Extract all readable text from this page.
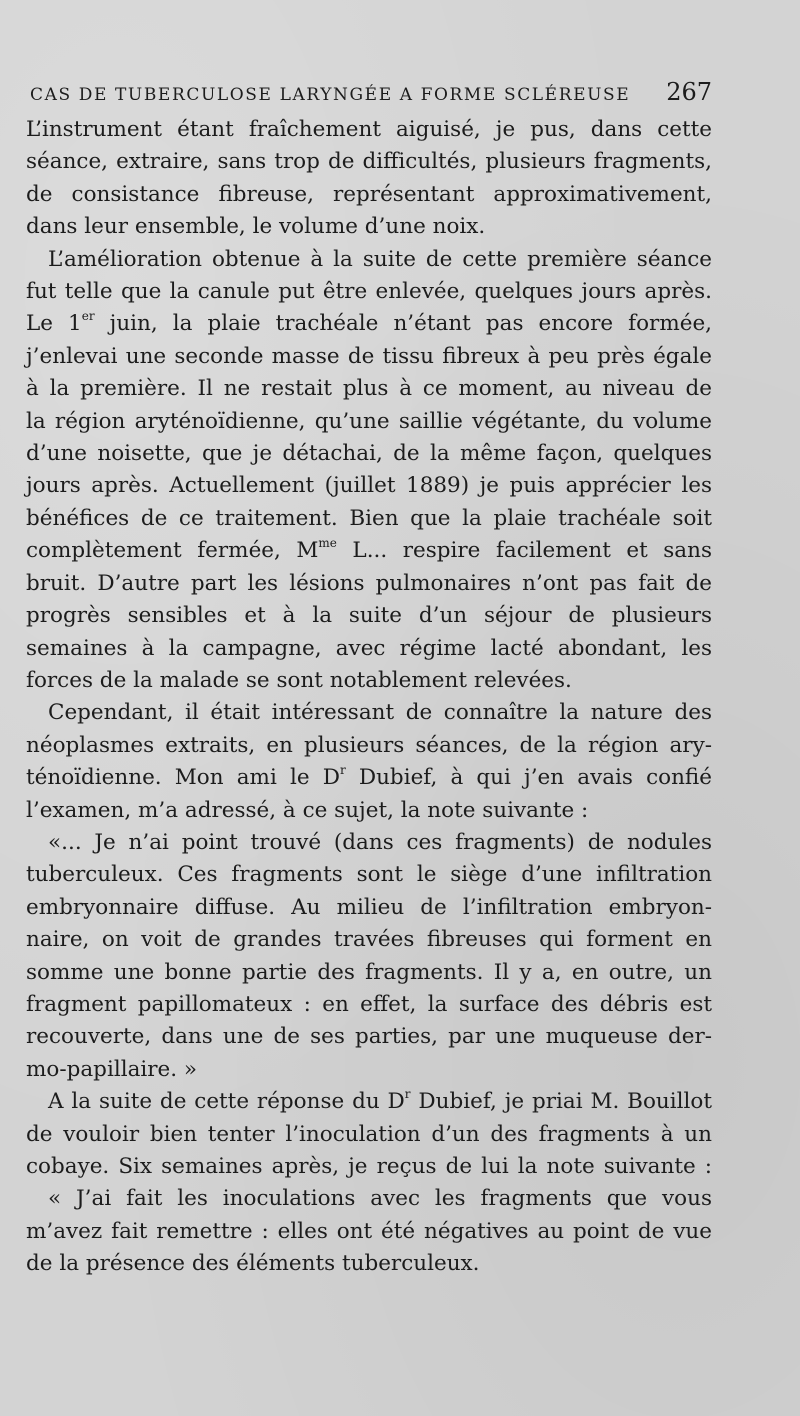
CAS DE TUBERCULOSE LARYNGÉE A FORME SCLÉREUSE 267
L’instrument étant fraîchement aiguisé, je pus, dans cette
séance, extraire, sans trop de difficultés, plusieurs fragments,
de consistance fibreuse, représentant approximativement,
dans leur ensemble, le volume d’une noix.
L’amélioration obtenue à la suite de cette première séance
fut telle que la canule put être enlevée, quelques jours après.
Le 1er juin, la plaie trachéale n’étant pas encore formée,
j’enlevai une seconde masse de tissu fibreux à peu près égale
à la première. Il ne restait plus à ce moment, au niveau de
la région aryténoïdienne, qu’une saillie végétante, du volume
d’une noisette, que je détachai, de la même façon, quelques
jours après. Actuellement (juillet 1889) je puis apprécier les
bénéfices de ce traitement. Bien que la plaie trachéale soit
complètement fermée, $M^{me}$ L... respire facilement et sans
bruit. D’autre part les lésions pulmonaires n’ont pas fait de
progrès sensibles et à la suite d’un séjour de plusieurs
semaines à la campagne, avec régime lacté abondant, les
forces de la malade se sont notablement relevées.
Cependant, il était intéressant de connaître la nature des
néoplasmes extraits, en plusieurs séances, de la région ary-
ténoïdienne. Mon ami le $D^r$ Dubief, à qui j’en avais confié
l’examen, m’a adressé, à ce sujet, la note suivante :
«... Je n’ai point trouvé (dans ces fragments) de nodules
tuberculeux. Ces fragments sont le siège d’une infiltration
embryonnaire diffuse. Au milieu de l’infiltration embryon-
naire, on voit de grandes travées fibreuses qui forment en
somme une bonne partie des fragments. Il y a, en outre, un
fragment papillomateux : en effet, la surface des débris est
recouverte, dans une de ses parties, par une muqueuse der-
mo-papillaire. »
A la suite de cette réponse du $D^r$ Dubief, je priai M. Bouillot
de vouloir bien tenter l’inoculation d’un des fragments à un
cobaye. Six semaines après, je reçus de lui la note suivante :
« J’ai fait les inoculations avec les fragments que vous
m’avez fait remettre : elles ont été négatives au point de vue
de la présence des éléments tuberculeux.
